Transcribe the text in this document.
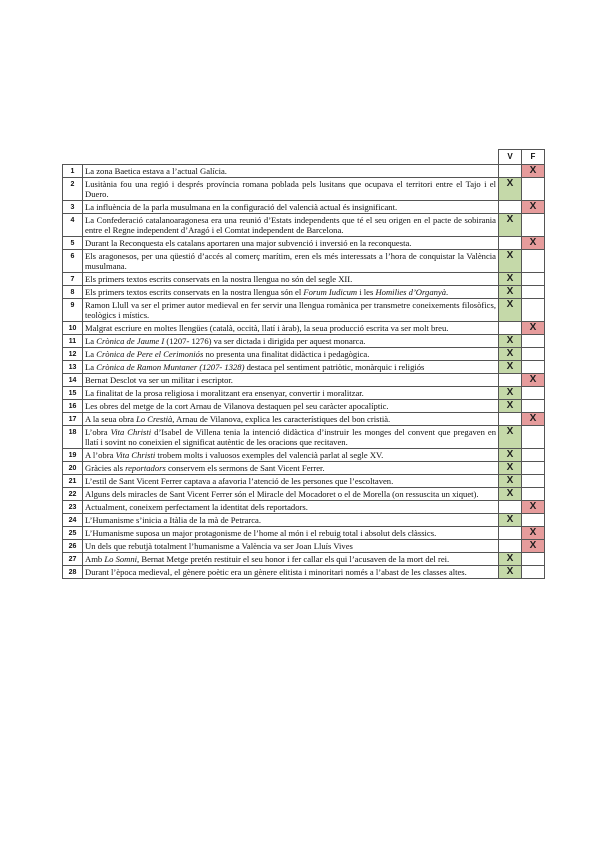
		V	F
1	La zona Baetica estava a l’actual Galícia.		X
2	Lusitània fou una regió i després província romana poblada pels lusitans que ocupava el territori entre el Tajo i el Duero.	X	
3	La influència de la parla musulmana en la configuració del valencià actual és insignificant.		X
4	La Confederació catalanoaragonesa era una reunió d’Estats independents que té el seu origen en el pacte de sobirania entre el Regne independent d’Aragó i el Comtat independent de Barcelona.	X	
5	Durant la Reconquesta els catalans aportaren una major subvenció i inversió en la reconquesta.		X
6	Els aragonesos, per una qüestió d’accés al comerç marítim, eren els més interessats a l’hora de conquistar la València musulmana.	X	
7	Els primers textos escrits conservats en la nostra llengua no són del segle XII.	X	
8	Els primers textos escrits conservats en la nostra llengua són el Forum Iudicum i les Homilies d’Organyà.	X	
9	Ramon Llull va ser el primer autor medieval en fer servir una llengua romànica per transmetre coneixements filosòfics, teològics i místics.	X	
10	Malgrat escriure en moltes llengües (català, occità, llatí i àrab), la seua producció escrita va ser molt breu.		X
11	La Crònica de Jaume I (1207- 1276) va ser dictada i dirigida per aquest monarca.	X	
12	La Crònica de Pere el Cerimoniós no presenta una finalitat didàctica i pedagògica.	X	
13	La Crònica de Ramon Muntaner (1207- 1328) destaca pel sentiment patriòtic, monàrquic i religiós	X	
14	Bernat Desclot va ser un militar i escriptor.		X
15	La finalitat de la prosa religiosa i moralitzant era ensenyar, convertir i moralitzar.	X	
16	Les obres del metge de la cort Arnau de Vilanova destaquen pel seu caràcter apocalíptic.	X	
17	A la seua obra Lo Crestià, Arnau de Vilanova, explica les característiques del bon cristià.		X
18	L’obra Vita Christi d’Isabel de Villena tenia la intenció didàctica d’instruir les monges del convent que pregaven en llatí i sovint no coneixien el significat autèntic de les oracions que recitaven.	X	
19	A l’obra Vita Christi trobem molts i valuosos exemples del valencià parlat al segle XV.	X	
20	Gràcies als reportadors conservem els sermons de Sant Vicent Ferrer.	X	
21	L’estil de Sant Vicent Ferrer captava a afavoria l’atenció de les persones que l’escoltaven.	X	
22	Alguns dels miracles de Sant Vicent Ferrer són el Miracle del Mocadoret o el de Morella (on ressuscita un xiquet).	X	
23	Actualment, coneixem perfectament la identitat dels reportadors.		X
24	L’Humanisme s’inicia a Itàlia de la mà de Petrarca.	X	
25	L’Humanisme suposa un major protagonisme de l’home al món i el rebuig total i absolut dels clàssics.		X
26	Un dels que rebutjà totalment l’humanisme a València va ser Joan Lluís Vives		X
27	Amb Lo Somni, Bernat Metge pretén restituir el seu honor i fer callar els qui l’acusaven de la mort del rei.	X	
28	Durant l’època medieval, el gènere poètic era un gènere elitista i minoritari només a l’abast de les classes altes.	X	
